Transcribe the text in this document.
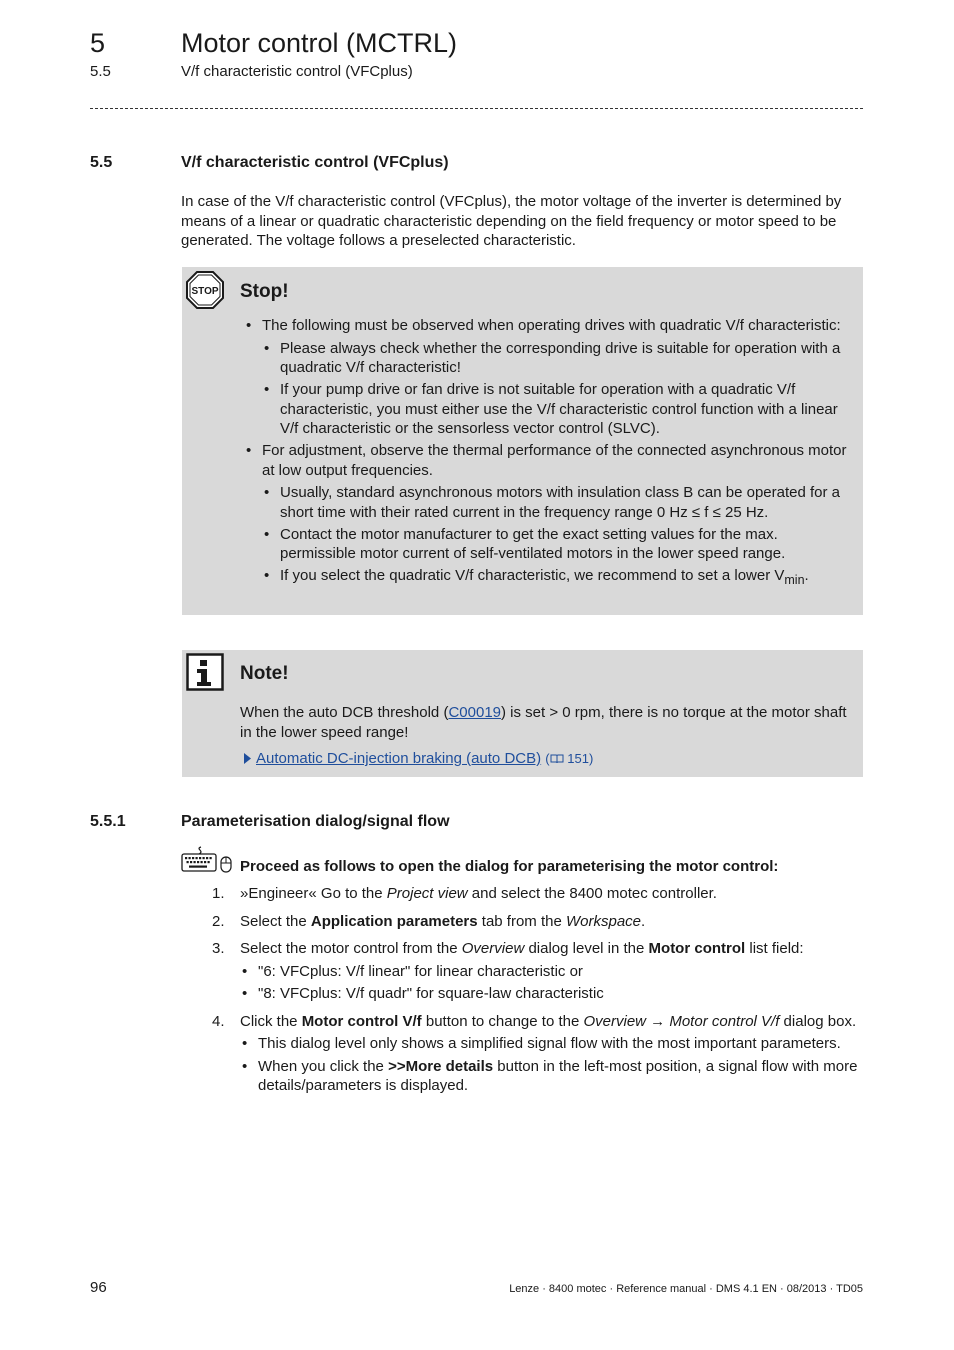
5	Motor control (MCTRL)
5.5	V/f characteristic control (VFCplus)
5.5	V/f characteristic control (VFCplus)
In case of the V/f characteristic control (VFCplus), the motor voltage of the inverter is determined by means of a linear or quadratic characteristic depending on the field frequency or motor speed to be generated. The voltage follows a preselected characteristic.
STOP Stop!
• The following must be observed when operating drives with quadratic V/f characteristic:
• Please always check whether the corresponding drive is suitable for operation with a quadratic V/f characteristic!
• If your pump drive or fan drive is not suitable for operation with a quadratic V/f characteristic, you must either use the V/f characteristic control function with a linear V/f characteristic or the sensorless vector control (SLVC).
• For adjustment, observe the thermal performance of the connected asynchronous motor at low output frequencies.
• Usually, standard asynchronous motors with insulation class B can be operated for a short time with their rated current in the frequency range 0 Hz ≤ f ≤ 25 Hz.
• Contact the motor manufacturer to get the exact setting values for the max. permissible motor current of self-ventilated motors in the lower speed range.
• If you select the quadratic V/f characteristic, we recommend to set a lower $V_{min}$.
Note!
When the auto DCB threshold (C00019) is set > 0 rpm, there is no torque at the motor shaft in the lower speed range!
Automatic DC-injection braking (auto DCB) ( 151)
5.5.1	Parameterisation dialog/signal flow
Proceed as follows to open the dialog for parameterising the motor control:
1. »Engineer« Go to the Project view and select the 8400 motec controller.
2. Select the Application parameters tab from the Workspace.
3. Select the motor control from the Overview dialog level in the Motor control list field:
• "6: VFCplus: V/f linear" for linear characteristic or
• "8: VFCplus: V/f quadr" for square-law characteristic
4. Click the Motor control V/f button to change to the Overview → Motor control V/f dialog box.
• This dialog level only shows a simplified signal flow with the most important parameters.
• When you click the >>More details button in the left-most position, a signal flow with more details/parameters is displayed.
96	Lenze · 8400 motec · Reference manual · DMS 4.1 EN · 08/2013 · TD05
